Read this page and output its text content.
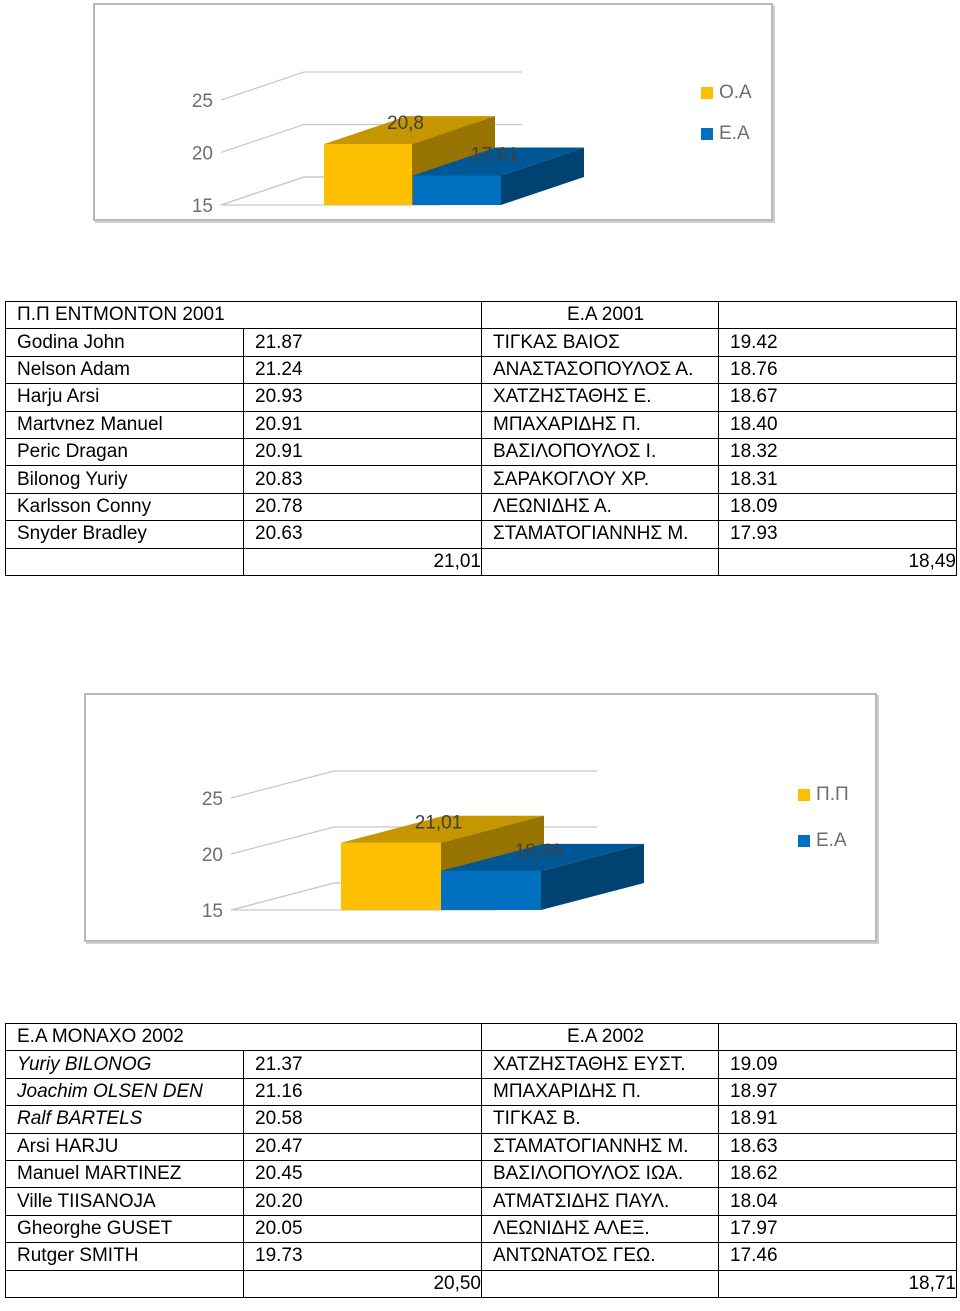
15
20
25
20,8
17,81
Ο.Α
Ε.Α
Π.Π ΕΝΤΜΟΝΤΟΝ 2001		Ε.Α 2001	
Godina John	21.87	ΤΙΓΚΑΣ ΒΑΙΟΣ	19.42
Nelson Adam	21.24	ΑΝΑΣΤΑΣΟΠΟΥΛΟΣ Α.	18.76
Harju Arsi	20.93	ΧΑΤΖΗΣΤΑΘΗΣ Ε.	18.67
Martvnez Manuel	20.91	ΜΠΑΧΑΡΙΔΗΣ Π.	18.40
Peric Dragan	20.91	ΒΑΣΙΛΟΠΟΥΛΟΣ Ι.	18.32
Bilonog Yuriy	20.83	ΣΑΡΑΚΟΓΛΟΥ ΧΡ.	18.31
Karlsson Conny	20.78	ΛΕΩΝΙΔΗΣ Α.	18.09
Snyder Bradley	20.63	ΣΤΑΜΑΤΟΓΙΑΝΝΗΣ Μ.	17.93
	21,01		18,49
15
20
25
21,01
18,49
Π.Π
Ε.Α
Ε.Α ΜΟΝΑΧΟ 2002		Ε.Α 2002	
Yuriy BILONOG	21.37	ΧΑΤΖΗΣΤΑΘΗΣ ΕΥΣΤ.	19.09
Joachim OLSEN DEN	21.16	ΜΠΑΧΑΡΙΔΗΣ Π.	18.97
Ralf BARTELS	20.58	ΤΙΓΚΑΣ Β.	18.91
Arsi HARJU	20.47	ΣΤΑΜΑΤΟΓΙΑΝΝΗΣ Μ.	18.63
Manuel MARTINEZ	20.45	ΒΑΣΙΛΟΠΟΥΛΟΣ ΙΩΑ.	18.62
Ville TIISANOJA	20.20	ΑΤΜΑΤΣΙΔΗΣ ΠΑΥΛ.	18.04
Gheorghe GUSET	20.05	ΛΕΩΝΙΔΗΣ ΑΛΕΞ.	17.97
Rutger SMITH	19.73	ΑΝΤΩΝΑΤΟΣ ΓΕΩ.	17.46
	20,50		18,71
